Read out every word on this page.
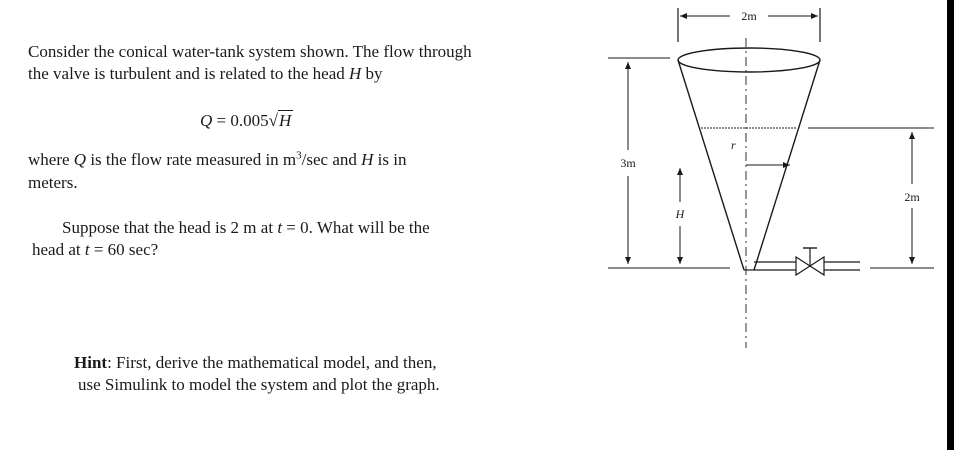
Consider the conical water-tank system shown. The flow through
the valve is turbulent and is related to the head H by
Q = 0.005√H
where Q is the flow rate measured in $m^3/\sec$ and H is in
meters.
Suppose that the head is 2 m at t = 0. What will be the
head at t = 60 sec?
Hint: First, derive the mathematical model, and then,
use Simulink to model the system and plot the graph.
2m
r
3m
H
2m
